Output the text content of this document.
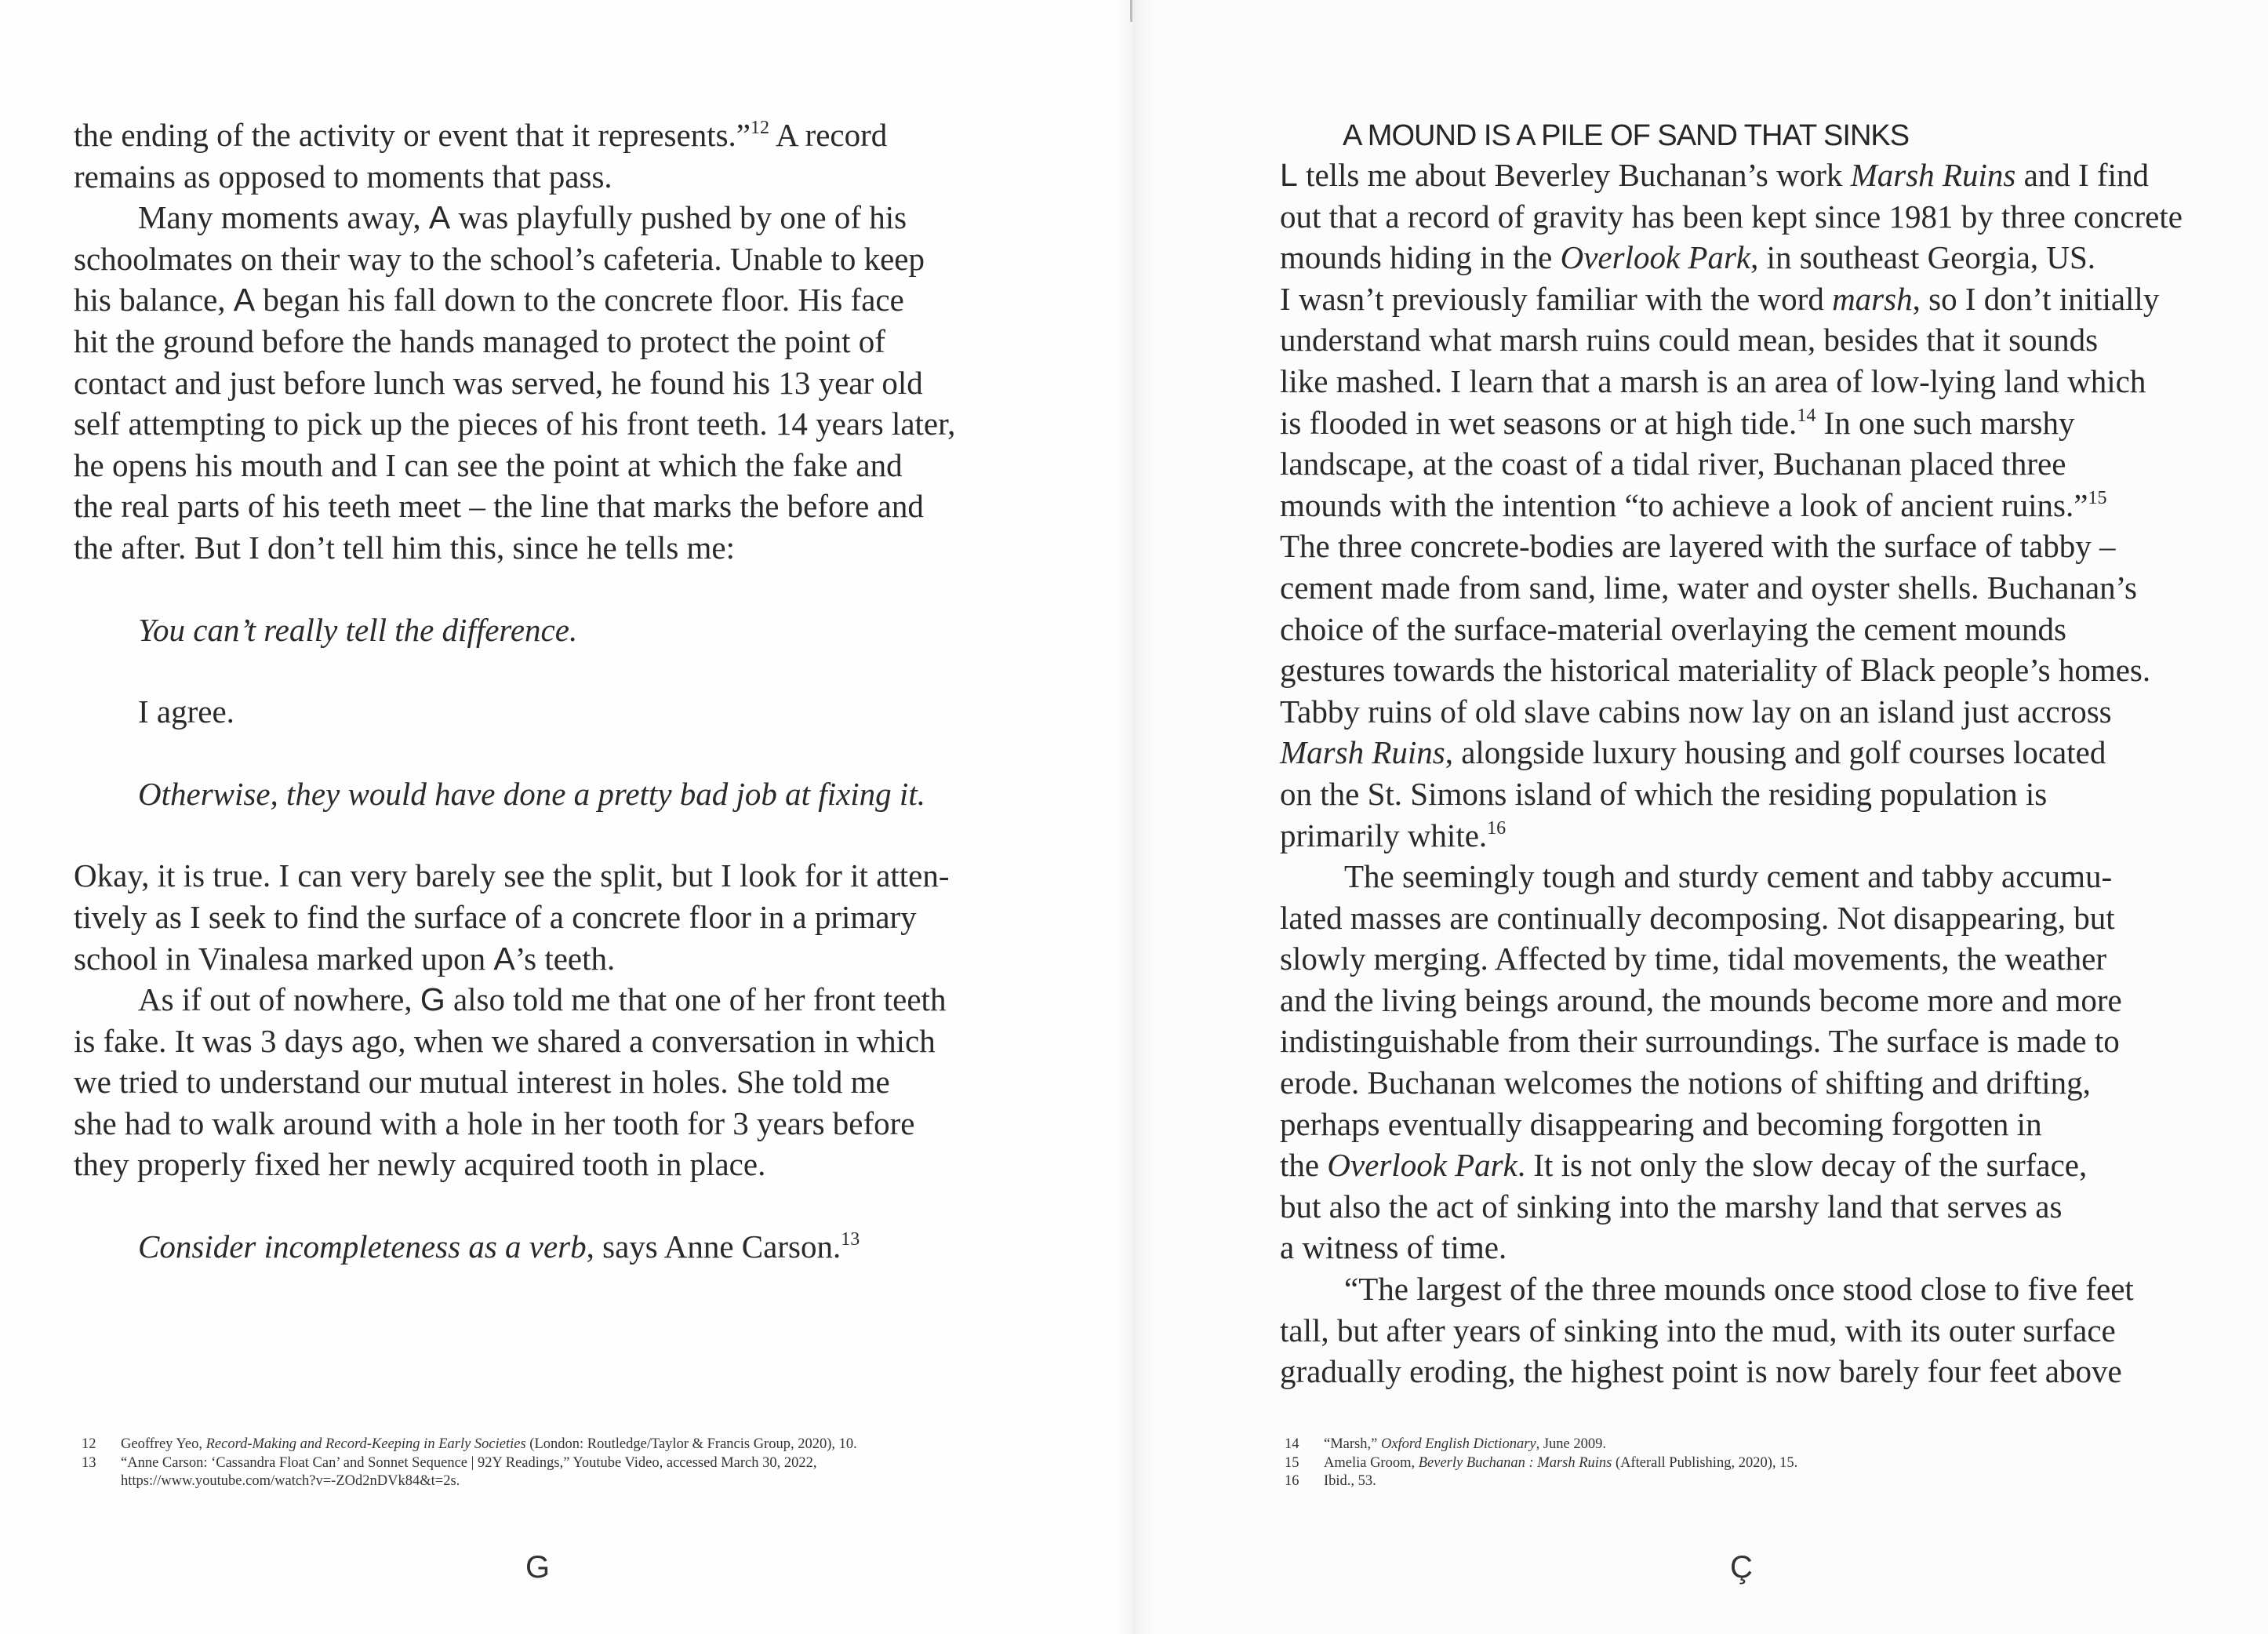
the ending of the activity or event that it represents.”$^{12}$ A record
remains as opposed to moments that pass.
Many moments away, A was playfully pushed by one of his
schoolmates on their way to the school’s cafeteria. Unable to keep
his balance, A began his fall down to the concrete floor. His face
hit the ground before the hands managed to protect the point of
contact and just before lunch was served, he found his 13 year old
self attempting to pick up the pieces of his front teeth. 14 years later,
he opens his mouth and I can see the point at which the fake and
the real parts of his teeth meet – the line that marks the before and
the after. But I don’t tell him this, since he tells me:
You can’t really tell the difference.
I agree.
Otherwise, they would have done a pretty bad job at fixing it.
Okay, it is true. I can very barely see the split, but I look for it atten-
tively as I seek to find the surface of a concrete floor in a primary
school in Vinalesa marked upon A’s teeth.
As if out of nowhere, G also told me that one of her front teeth
is fake. It was 3 days ago, when we shared a conversation in which
we tried to understand our mutual interest in holes. She told me
she had to walk around with a hole in her tooth for 3 years before
they properly fixed her newly acquired tooth in place.
Consider incompleteness as a verb, says Anne Carson.$^{13}$
12	Geoffrey Yeo, Record-Making and Record-Keeping in Early Societies (London: Routledge/Taylor & Francis Group, 2020), 10.
13	“Anne Carson: ‘Cassandra Float Can’ and Sonnet Sequence | 92Y Readings,” Youtube Video, accessed March 30, 2022,
https://www.youtube.com/watch?v=-ZOd2nDVk84&t=2s.
G
A MOUND IS A PILE OF SAND THAT SINKS
L tells me about Beverley Buchanan’s work Marsh Ruins and I find
out that a record of gravity has been kept since 1981 by three concrete
mounds hiding in the Overlook Park, in southeast Georgia, US.
I wasn’t previously familiar with the word marsh, so I don’t initially
understand what marsh ruins could mean, besides that it sounds
like mashed. I learn that a marsh is an area of low-lying land which
is flooded in wet seasons or at high tide.$^{14}$ In one such marshy
landscape, at the coast of a tidal river, Buchanan placed three
mounds with the intention “to achieve a look of ancient ruins.”$^{15}$
The three concrete-bodies are layered with the surface of tabby –
cement made from sand, lime, water and oyster shells. Buchanan’s
choice of the surface-material overlaying the cement mounds
gestures towards the historical materiality of Black people’s homes.
Tabby ruins of old slave cabins now lay on an island just accross
Marsh Ruins, alongside luxury housing and golf courses located
on the St. Simons island of which the residing population is
primarily white.$^{16}$
The seemingly tough and sturdy cement and tabby accumu-
lated masses are continually decomposing. Not disappearing, but
slowly merging. Affected by time, tidal movements, the weather
and the living beings around, the mounds become more and more
indistinguishable from their surroundings. The surface is made to
erode. Buchanan welcomes the notions of shifting and drifting,
perhaps eventually disappearing and becoming forgotten in
the Overlook Park. It is not only the slow decay of the surface,
but also the act of sinking into the marshy land that serves as
a witness of time.
“The largest of the three mounds once stood close to five feet
tall, but after years of sinking into the mud, with its outer surface
gradually eroding, the highest point is now barely four feet above
14	“Marsh,” Oxford English Dictionary, June 2009.
15	Amelia Groom, Beverly Buchanan : Marsh Ruins (Afterall Publishing, 2020), 15.
16	Ibid., 53.
Ç
